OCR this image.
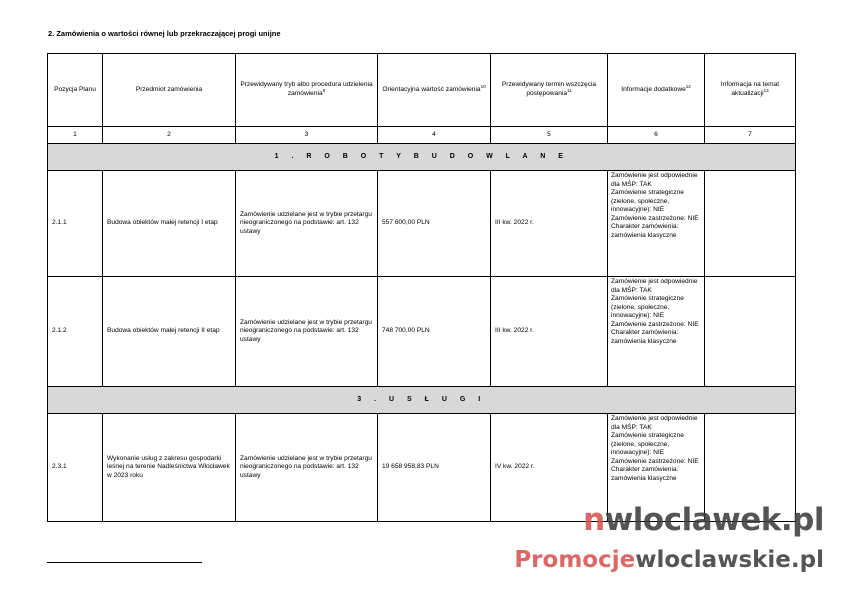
2. Zamówienia o wartości równej lub przekraczającej progi unijne
Pozycja Planu	Przedmiot zamówienia	Przewidywany tryb albo procedura udzielenia zamówienia$^9$	Orientacyjna wartość zamówienia$^{10}$	Przewidywany termin wszczęcia postępowania$^{11}$	Informacje dodatkowe$^{12}$	Informacja na temat aktualizacji$^{13}$
1	2	3	4	5	6	7
1 . R O B O T Y B U D O W L A N E						
2.1.1	Budowa obiektów małej retencji I etap	Zamówienie udzielane jest w trybie przetargu nieograniczonego na podstawie: art. 132 ustawy	557 600,00 PLN	III kw. 2022 r.	Zamówienie jest odpowiednie dla MŚP: TAK
Zamówienie strategiczne (zielone, społeczne, innowacyjne): NIE
Zamówienie zastrzeżone: NIE
Charakter zamówienia: zamówienia klasyczne	

2.1.2	Budowa obiektów małej retencji II etap	Zamówienie udzielane jest w trybie przetargu nieograniczonego na podstawie: art. 132 ustawy	748 700,00 PLN	III kw. 2022 r.	Zamówienie jest odpowiednie dla MŚP: TAK
Zamówienie strategiczne (zielone, społeczne, innowacyjne): NIE
Zamówienie zastrzeżone: NIE
Charakter zamówienia: zamówienia klasyczne	

3 . U S Ł U G I						
2.3.1	Wykonanie usług z zakresu gospodarki leśnej na terenie Nadleśnictwa Włocławek w 2023 roku	Zamówienie udzielane jest w trybie przetargu nieograniczonego na podstawie: art. 132 ustawy	19 658 958,83 PLN	IV kw. 2022 r.	Zamówienie jest odpowiednie dla MŚP: TAK
Zamówienie strategiczne (zielone, społeczne, innowacyjne): NIE
Zamówienie zastrzeżone: NIE
Charakter zamówienia: zamówienia klasyczne	

nwloclawek.pl
Promocjewloclawskie.pl
